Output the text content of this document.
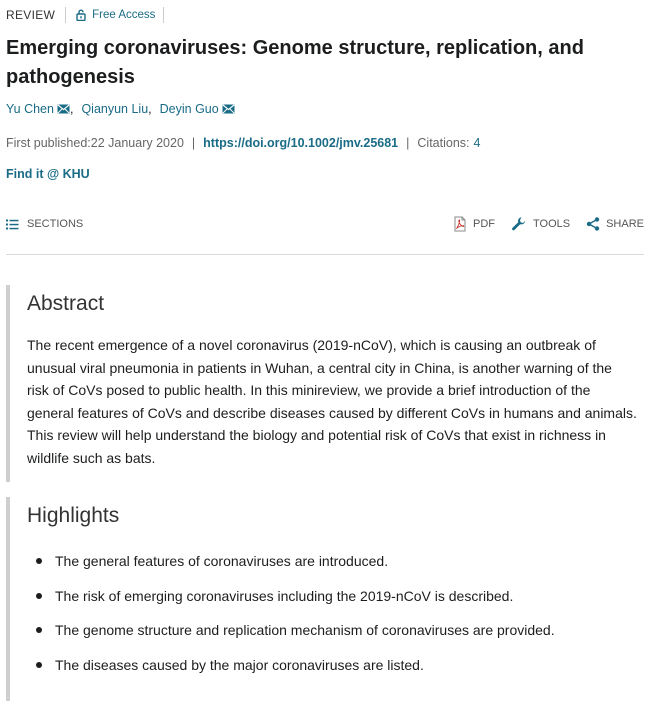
REVIEW	Free Access
Emerging coronaviruses: Genome structure, replication, and pathogenesis
Yu Chen , Qianyun Liu , Deyin Guo
First published: 22 January 2020 | https://doi.org/10.1002/jmv.25681 | Citations: 4
Find it @ KHU
SECTIONS	PDF	TOOLS	SHARE
Abstract

The recent emergence of a novel coronavirus (2019‐nCoV), which is causing an outbreak of unusual viral pneumonia in patients in Wuhan, a central city in China, is another warning of the risk of CoVs posed to public health. In this minireview, we provide a brief introduction of the general features of CoVs and describe diseases caused by different CoVs in humans and animals. This review will help understand the biology and potential risk of CoVs that exist in richness in wildlife such as bats.

Highlights
The general features of coronaviruses are introduced.
The risk of emerging coronaviruses including the 2019‐nCoV is described.
The genome structure and replication mechanism of coronaviruses are provided.
The diseases caused by the major coronaviruses are listed.
